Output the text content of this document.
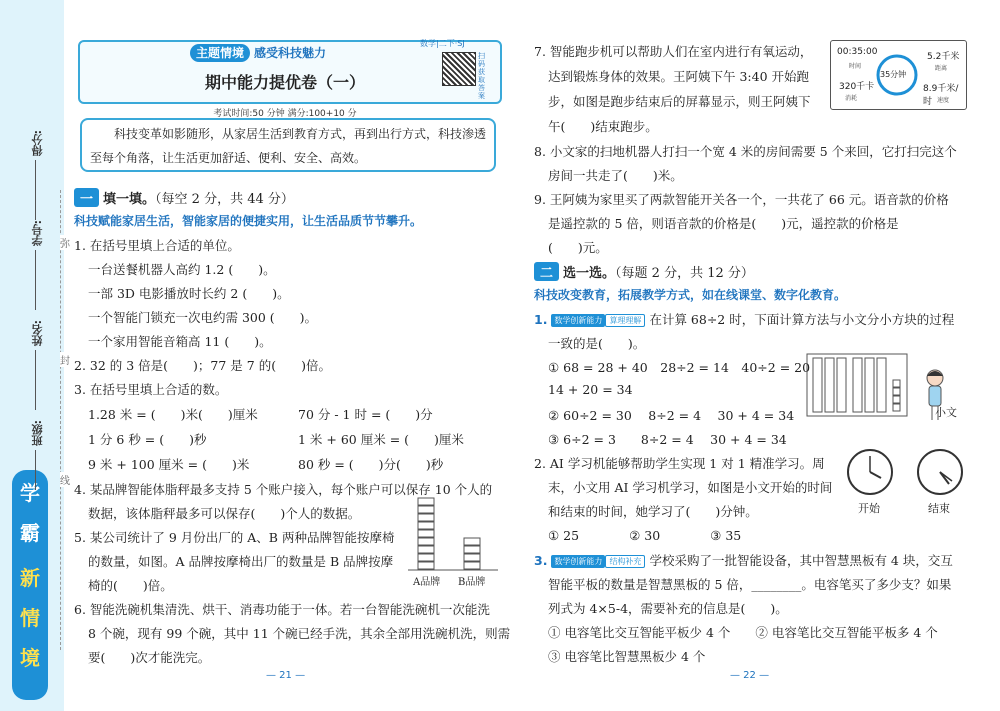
学
霸
新
情
境
得分:
学号:
姓名:
班级:
弥
封
线
主题情境 感受科技魅力
数学|二下·SJ
扫码获取答案
期中能力提优卷（一）
考试时间:50 分钟 满分:100+10 分
科技变革如影随形，从家居生活到教育方式，再到出行方式，科技渗透至每个角落，让生活更加舒适、便利、安全、高效。
一 填一填。（每空 2 分，共 44 分）
科技赋能家居生活，智能家居的便捷实用，让生活品质节节攀升。
1. 在括号里填上合适的单位。
一台送餐机器人高约 1.2 (　　)。
一部 3D 电影播放时长约 2 (　　)。
一个智能门锁充一次电约需 300 (　　)。
一个家用智能音箱高 11 (　　)。
2. 32 的 3 倍是(　　)；77 是 7 的(　　)倍。
3. 在括号里填上合适的数。
1.28 米 = (　　)米(　　)厘米	70 分 - 1 时 = (　　)分
1 分 6 秒 = (　　)秒	1 米 + 60 厘米 = (　　)厘米
9 米 + 100 厘米 = (　　)米	80 秒 = (　　)分(　　)秒
4. 某品牌智能体脂秤最多支持 5 个账户接入，每个账户可以保存 10 个人的
数据，该体脂秤最多可以保存(　　)个人的数据。
5. 某公司统计了 9 月份出厂的 A、B 两种品牌智能按摩椅
的数量，如图。A 品牌按摩椅出厂的数量是 B 品牌按摩
椅的(　　)倍。	A品牌 B品牌
6. 智能洗碗机集清洗、烘干、消毒功能于一体。若一台智能洗碗机一次能洗
8 个碗，现有 99 个碗，其中 11 个碗已经手洗，其余全部用洗碗机洗，则需
要(　　)次才能洗完。
— 21 —
7. 智能跑步机可以帮助人们在室内进行有氧运动，
达到锻炼身体的效果。王阿姨下午 3:40 开始跑
步，如图是跑步结束后的屏幕显示，则王阿姨下
午(　　)结束跑步。
00:35:00
时间
320千卡
消耗
35分钟
5.2千米
距离
8.9千米/时 速度
8. 小文家的扫地机器人打扫一个宽 4 米的房间需要 5 个来回，它打扫完这个
房间一共走了(　　)米。
9. 王阿姨为家里买了两款智能开关各一个，一共花了 66 元。语音款的价格
是遥控款的 5 倍，则语音款的价格是(　　)元，遥控款的价格是
(　　)元。
二 选一选。（每题 2 分，共 12 分）
科技改变教育，拓展教学方式，如在线课堂、数字化教育。
1. 数学创新能力 算理理解 在计算 68÷2 时，下面计算方法与小文分小方块的过程
一致的是(　　)。
① 68 = 28 + 40　28÷2 = 14　40÷2 = 20
14 + 20 = 34
② 60÷2 = 30　 8÷2 = 4　 30 + 4 = 34
③ 6÷2 = 3　　8÷2 = 4　 30 + 4 = 34
小文
2. AI 学习机能够帮助学生实现 1 对 1 精准学习。周
末，小文用 AI 学习机学习，如图是小文开始的时间
和结束的时间，她学习了(　　)分钟。
① 25　　　　② 30　　　　③ 35
开始	结束
3. 数学创新能力 结构补充 学校采购了一批智能设备，其中智慧黑板有 4 块，交互
智能平板的数量是智慧黑板的 5 倍，________。电容笔买了多少支？如果
列式为 4×5-4，需要补充的信息是(　　)。
① 电容笔比交互智能平板少 4 个　　② 电容笔比交互智能平板多 4 个
③ 电容笔比智慧黑板少 4 个
— 22 —
